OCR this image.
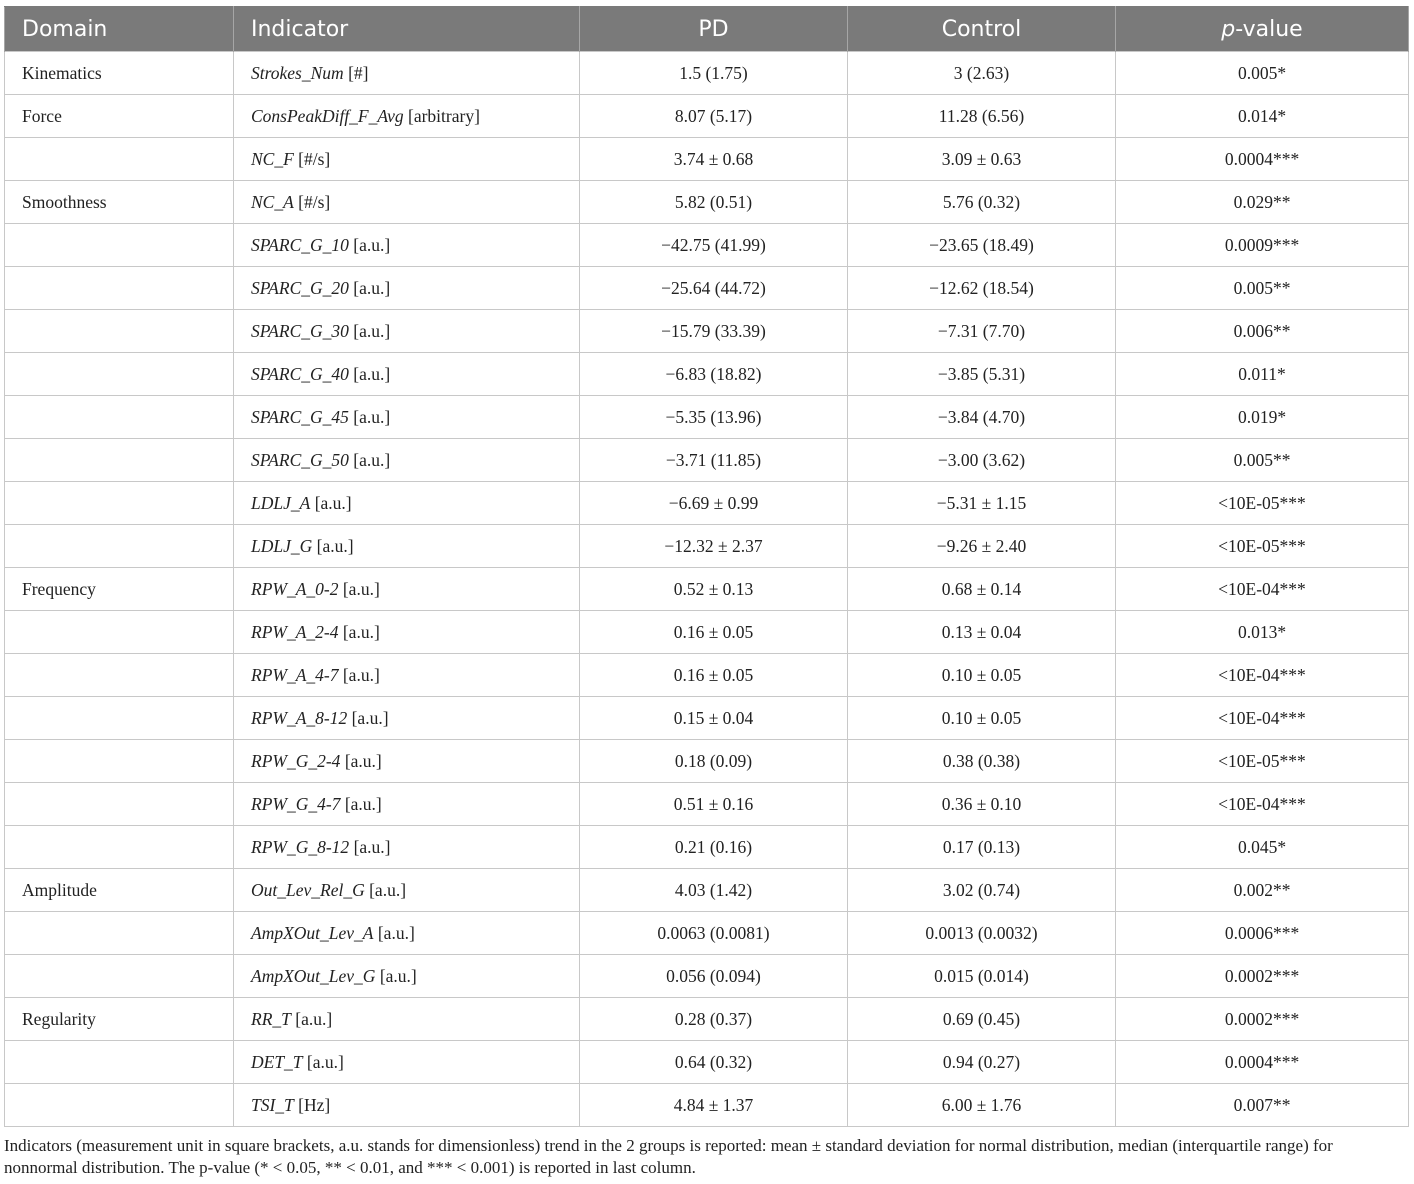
Domain	Indicator	PD	Control	p-value
Kinematics	Strokes_Num [#]	1.5 (1.75)	3 (2.63)	0.005*
Force	ConsPeakDiff_F_Avg [arbitrary]	8.07 (5.17)	11.28 (6.56)	0.014*
	NC_F [#/s]	3.74 ± 0.68	3.09 ± 0.63	0.0004***
Smoothness	NC_A [#/s]	5.82 (0.51)	5.76 (0.32)	0.029**
	SPARC_G_10 [a.u.]	−42.75 (41.99)	−23.65 (18.49)	0.0009***
	SPARC_G_20 [a.u.]	−25.64 (44.72)	−12.62 (18.54)	0.005**
	SPARC_G_30 [a.u.]	−15.79 (33.39)	−7.31 (7.70)	0.006**
	SPARC_G_40 [a.u.]	−6.83 (18.82)	−3.85 (5.31)	0.011*
	SPARC_G_45 [a.u.]	−5.35 (13.96)	−3.84 (4.70)	0.019*
	SPARC_G_50 [a.u.]	−3.71 (11.85)	−3.00 (3.62)	0.005**
	LDLJ_A [a.u.]	−6.69 ± 0.99	−5.31 ± 1.15	<10E-05***
	LDLJ_G [a.u.]	−12.32 ± 2.37	−9.26 ± 2.40	<10E-05***
Frequency	RPW_A_0-2 [a.u.]	0.52 ± 0.13	0.68 ± 0.14	<10E-04***
	RPW_A_2-4 [a.u.]	0.16 ± 0.05	0.13 ± 0.04	0.013*
	RPW_A_4-7 [a.u.]	0.16 ± 0.05	0.10 ± 0.05	<10E-04***
	RPW_A_8-12 [a.u.]	0.15 ± 0.04	0.10 ± 0.05	<10E-04***
	RPW_G_2-4 [a.u.]	0.18 (0.09)	0.38 (0.38)	<10E-05***
	RPW_G_4-7 [a.u.]	0.51 ± 0.16	0.36 ± 0.10	<10E-04***
	RPW_G_8-12 [a.u.]	0.21 (0.16)	0.17 (0.13)	0.045*
Amplitude	Out_Lev_Rel_G [a.u.]	4.03 (1.42)	3.02 (0.74)	0.002**
	AmpXOut_Lev_A [a.u.]	0.0063 (0.0081)	0.0013 (0.0032)	0.0006***
	AmpXOut_Lev_G [a.u.]	0.056 (0.094)	0.015 (0.014)	0.0002***
Regularity	RR_T [a.u.]	0.28 (0.37)	0.69 (0.45)	0.0002***
	DET_T [a.u.]	0.64 (0.32)	0.94 (0.27)	0.0004***
	TSI_T [Hz]	4.84 ± 1.37	6.00 ± 1.76	0.007**
Indicators (measurement unit in square brackets, a.u. stands for dimensionless) trend in the 2 groups is reported: mean ± standard deviation for normal distribution, median (interquartile range) for nonnormal distribution. The p-value (* < 0.05, ** < 0.01, and *** < 0.001) is reported in last column.
